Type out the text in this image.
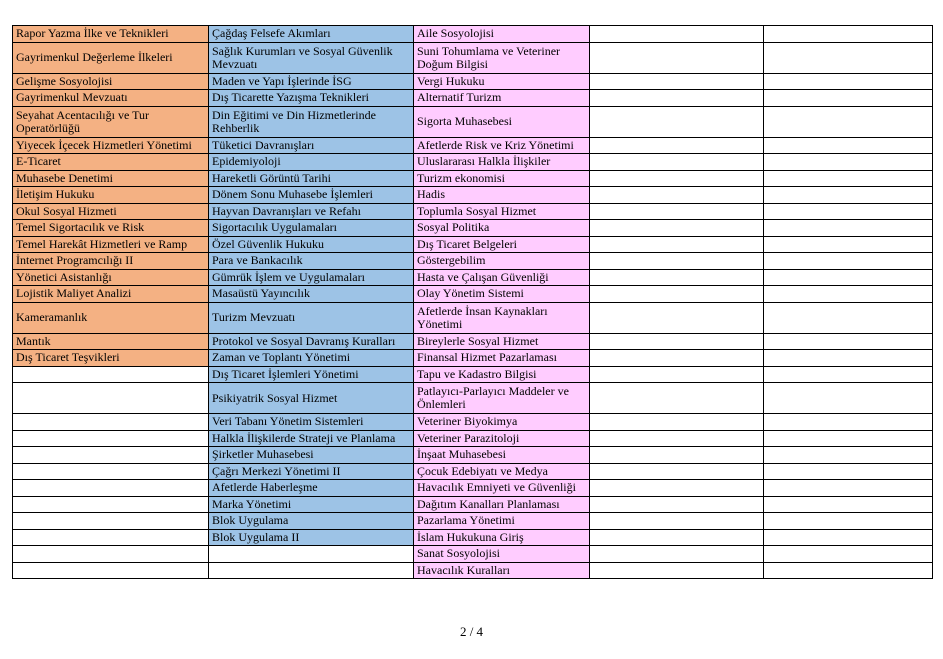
Rapor Yazma İlke ve Teknikleri	Çağdaş Felsefe Akımları	Aile Sosyolojisi		
Gayrimenkul Değerleme İlkeleri	Sağlık Kurumları ve Sosyal Güvenlik Mevzuatı	Suni Tohumlama ve Veteriner Doğum Bilgisi		
Gelişme Sosyolojisi	Maden ve Yapı İşlerinde İSG	Vergi Hukuku		
Gayrimenkul Mevzuatı	Dış Ticarette Yazışma Teknikleri	Alternatif Turizm		
Seyahat Acentacılığı ve Tur Operatörlüğü	Din Eğitimi ve Din Hizmetlerinde Rehberlik	Sigorta Muhasebesi		
Yiyecek İçecek Hizmetleri Yönetimi	Tüketici Davranışları	Afetlerde Risk ve Kriz Yönetimi		
E-Ticaret	Epidemiyoloji	Uluslararası Halkla İlişkiler		
Muhasebe Denetimi	Hareketli Görüntü Tarihi	Turizm ekonomisi		
İletişim Hukuku	Dönem Sonu Muhasebe İşlemleri	Hadis		
Okul Sosyal Hizmeti	Hayvan Davranışları ve Refahı	Toplumla Sosyal Hizmet		
Temel Sigortacılık ve Risk	Sigortacılık Uygulamaları	Sosyal Politika		
Temel Harekât Hizmetleri ve Ramp	Özel Güvenlik Hukuku	Dış Ticaret Belgeleri		
İnternet Programcılığı II	Para ve Bankacılık	Göstergebilim		
Yönetici Asistanlığı	Gümrük İşlem ve Uygulamaları	Hasta ve Çalışan Güvenliği		
Lojistik Maliyet Analizi	Masaüstü Yayıncılık	Olay Yönetim Sistemi		
Kameramanlık	Turizm Mevzuatı	Afetlerde İnsan Kaynakları Yönetimi		
Mantık	Protokol ve Sosyal Davranış Kuralları	Bireylerle Sosyal Hizmet		
Dış Ticaret Teşvikleri	Zaman ve Toplantı Yönetimi	Finansal Hizmet Pazarlaması		
	Dış Ticaret İşlemleri Yönetimi	Tapu ve Kadastro Bilgisi		
	Psikiyatrik Sosyal Hizmet	Patlayıcı-Parlayıcı Maddeler ve Önlemleri		
	Veri Tabanı Yönetim Sistemleri	Veteriner Biyokimya		
	Halkla İlişkilerde Strateji ve Planlama	Veteriner Parazitoloji		
	Şirketler Muhasebesi	İnşaat Muhasebesi		
	Çağrı Merkezi Yönetimi II	Çocuk Edebiyatı ve Medya		
	Afetlerde Haberleşme	Havacılık Emniyeti ve Güvenliği		
	Marka Yönetimi	Dağıtım Kanalları Planlaması		
	Blok Uygulama	Pazarlama Yönetimi		
	Blok Uygulama II	İslam Hukukuna Giriş		
		Sanat Sosyolojisi		
		Havacılık Kuralları		
2 / 4
